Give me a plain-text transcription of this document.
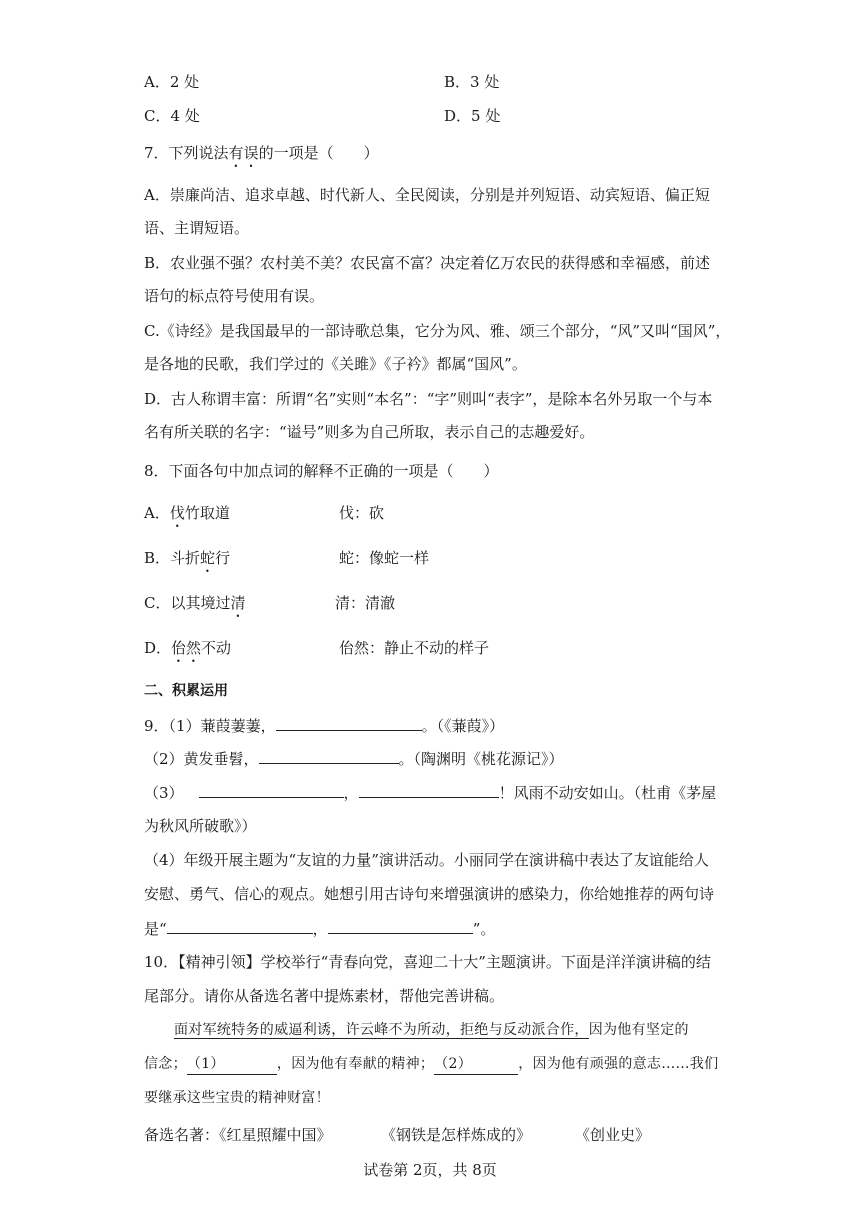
A．2 处	B．3 处
C．4 处	D．5 处
7．下列说法有误的一项是（　　）
A．崇廉尚洁、追求卓越、时代新人、全民阅读，分别是并列短语、动宾短语、偏正短
语、主谓短语。
B．农业强不强？农村美不美？农民富不富？决定着亿万农民的获得感和幸福感，前述
语句的标点符号使用有误。
C.《诗经》是我国最早的一部诗歌总集，它分为风、雅、颂三个部分，“风”又叫“国风”，
是各地的民歌，我们学过的《关雎》《子衿》都属“国风”。
D．古人称谓丰富：所谓“名”实则“本名”：“字”则叫“表字”，是除本名外另取一个与本
名有所关联的名字：“谥号”则多为自己所取，表示自己的志趣爱好。
8．下面各句中加点词的解释不正确的一项是（　　）
A．伐竹取道	伐：砍
B．斗折蛇行	蛇：像蛇一样
C．以其境过清	清：清澈
D．佁然不动	佁然：静止不动的样子
二、积累运用
9．（1）蒹葭萋萋，	。（《蒹葭》）
（2）黄发垂髫，	。（陶渊明《桃花源记》）
（3）	，	！风雨不动安如山。（杜甫《茅屋
为秋风所破歌》）
（4）年级开展主题为“友谊的力量”演讲活动。小丽同学在演讲稿中表达了友谊能给人
安慰、勇气、信心的观点。她想引用古诗句来增强演讲的感染力，你给她推荐的两句诗
是“	，	”。
10．【精神引领】学校举行“青春向党，喜迎二十大”主题演讲。下面是洋洋演讲稿的结
尾部分。请你从备选名著中提炼素材，帮他完善讲稿。
面对军统特务的威逼利诱，许云峰不为所动，拒绝与反动派合作，因为他有坚定的
信念；（1）	，因为他有奉献的精神；（2）	，因为他有顽强的意志……我们
要继承这些宝贵的精神财富！
备选名著：《红星照耀中国》	《钢铁是怎样炼成的》	《创业史》
试卷第 2页，共 8页
